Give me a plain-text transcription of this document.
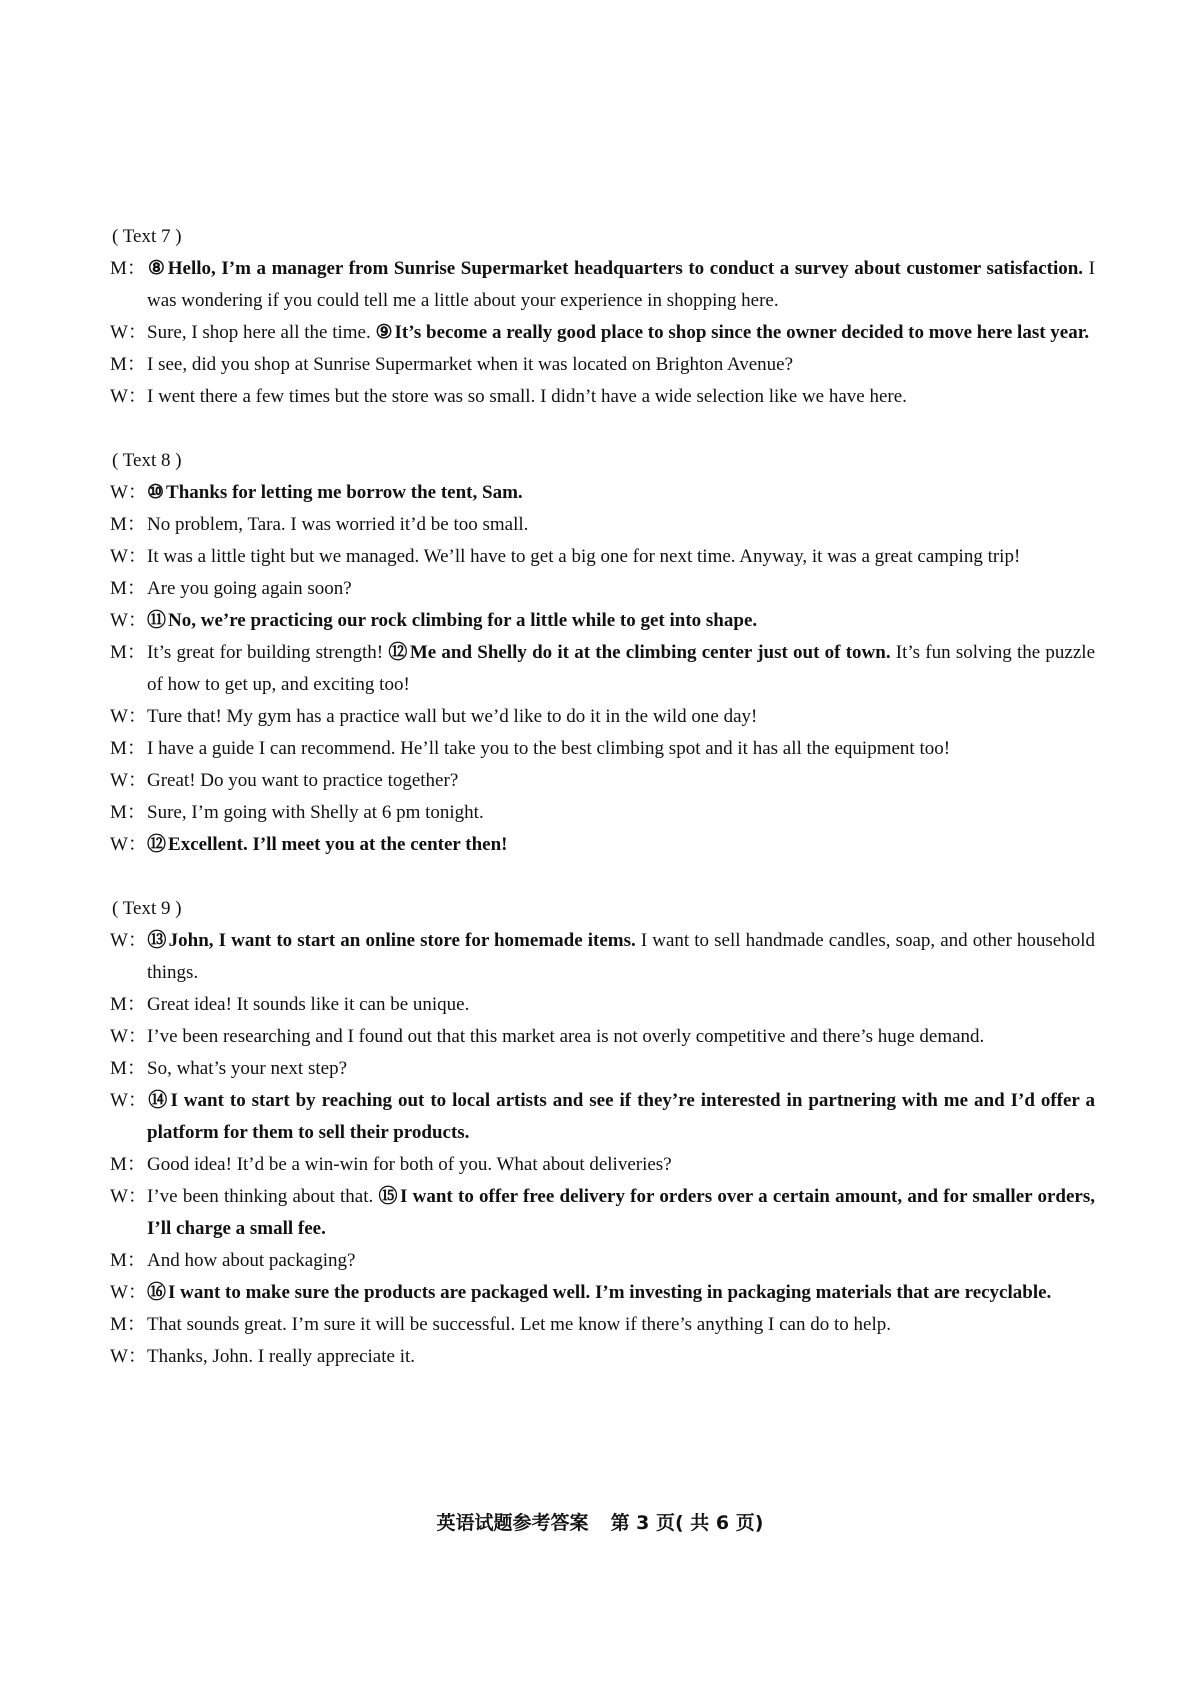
( Text 7 )
M：⑧ Hello, I’m a manager from Sunrise Supermarket headquarters to conduct a survey about customer satisfaction. I was wondering if you could tell me a little about your experience in shopping here.
W：Sure, I shop here all the time. ⑨ It’s become a really good place to shop since the owner decided to move here last year.
M：I see, did you shop at Sunrise Supermarket when it was located on Brighton Avenue?
W：I went there a few times but the store was so small. I didn’t have a wide selection like we have here.
( Text 8 )
W：⑩ Thanks for letting me borrow the tent, Sam.
M：No problem, Tara. I was worried it’d be too small.
W：It was a little tight but we managed. We’ll have to get a big one for next time. Anyway, it was a great camping trip!
M：Are you going again soon?
W：⑪ No, we’re practicing our rock climbing for a little while to get into shape.
M：It’s great for building strength! ⑫ Me and Shelly do it at the climbing center just out of town. It’s fun solving the puzzle of how to get up, and exciting too!
W：Ture that! My gym has a practice wall but we’d like to do it in the wild one day!
M：I have a guide I can recommend. He’ll take you to the best climbing spot and it has all the equipment too!
W：Great! Do you want to practice together?
M：Sure, I’m going with Shelly at 6 pm tonight.
W：⑫ Excellent. I’ll meet you at the center then!
( Text 9 )
W：⑬ John, I want to start an online store for homemade items. I want to sell handmade candles, soap, and other household things.
M：Great idea! It sounds like it can be unique.
W：I’ve been researching and I found out that this market area is not overly competitive and there’s huge demand.
M：So, what’s your next step?
W：⑭ I want to start by reaching out to local artists and see if they’re interested in partnering with me and I’d offer a platform for them to sell their products.
M：Good idea! It’d be a win-win for both of you. What about deliveries?
W：I’ve been thinking about that. ⑮ I want to offer free delivery for orders over a certain amount, and for smaller orders, I’ll charge a small fee.
M：And how about packaging?
W：⑯ I want to make sure the products are packaged well. I’m investing in packaging materials that are recyclable.
M：That sounds great. I’m sure it will be successful. Let me know if there’s anything I can do to help.
W：Thanks, John. I really appreciate it.
英语试题参考答案 第 3 页( 共 6 页)
